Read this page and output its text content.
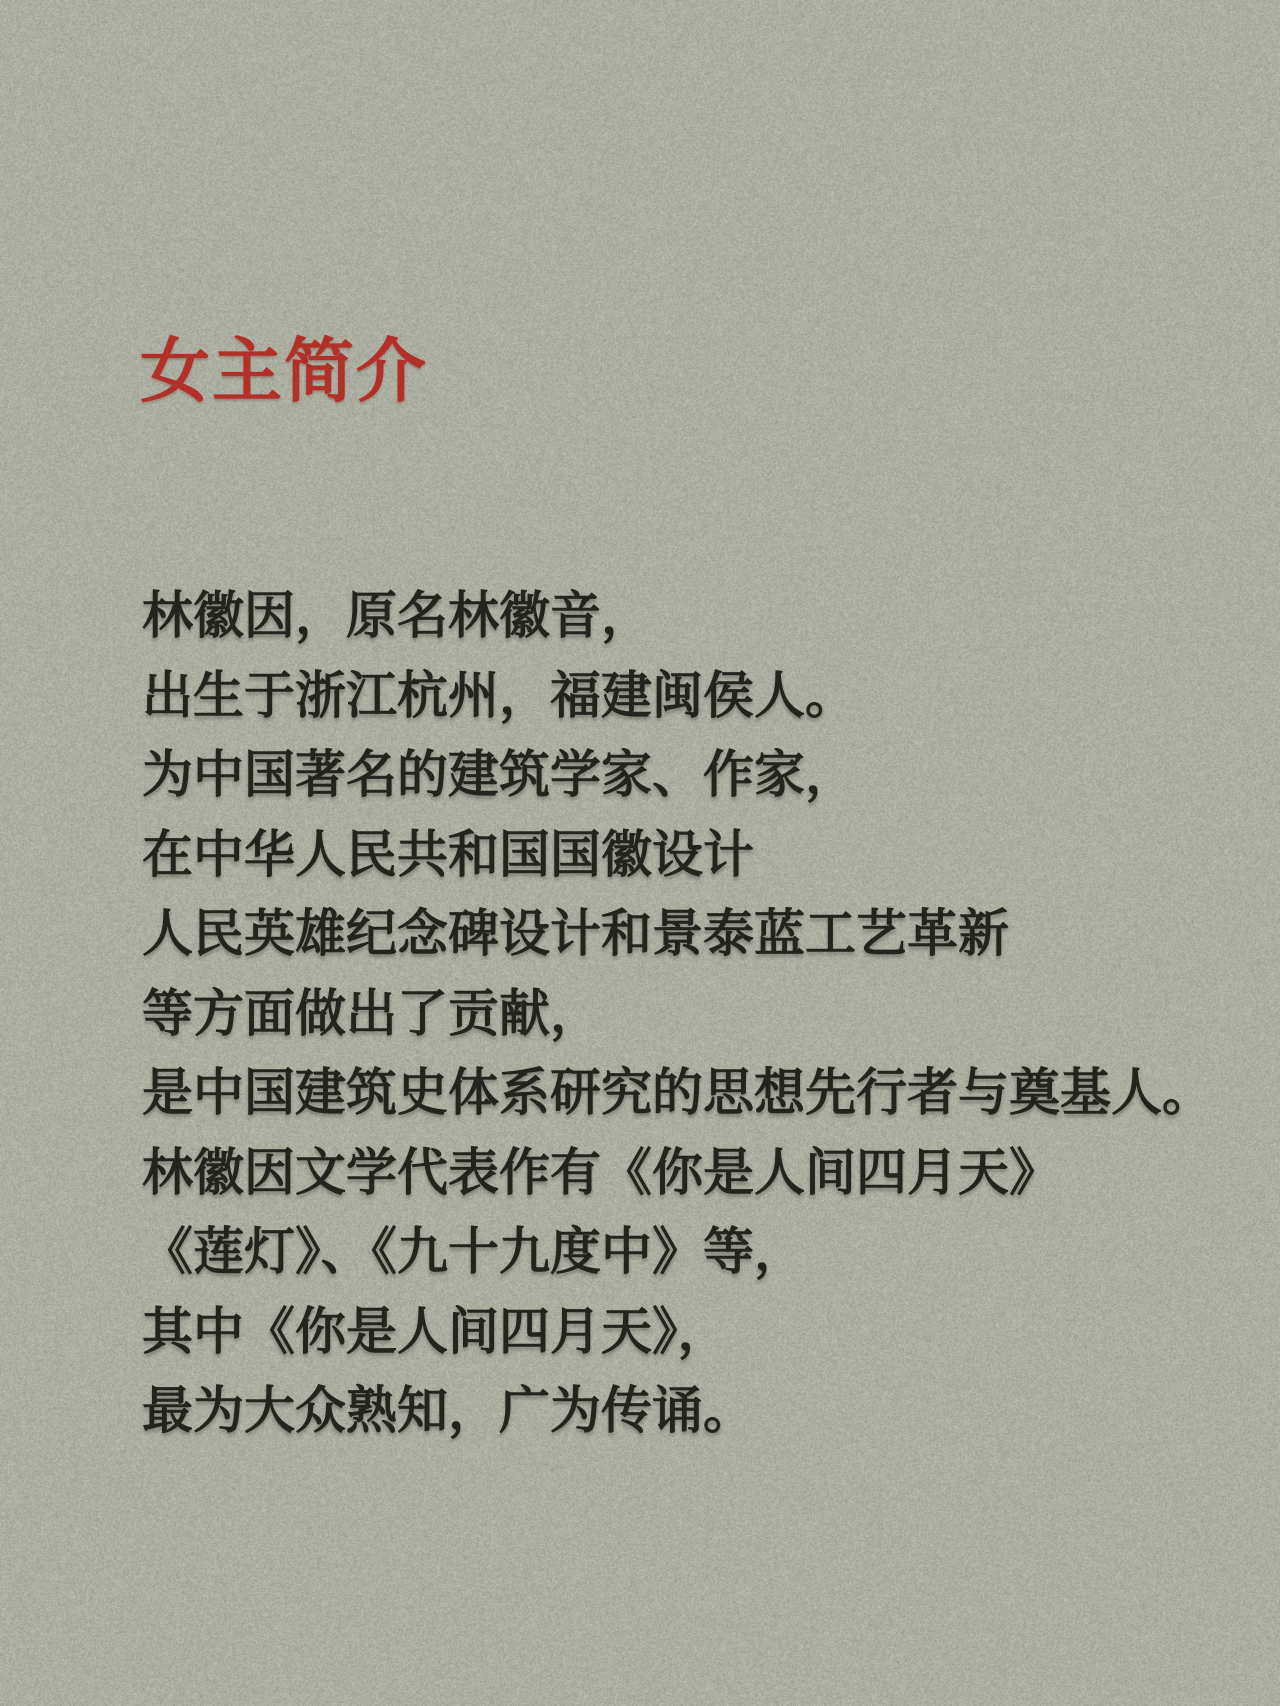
女主简介
林徽因，原名林徽音，
出生于浙江杭州，福建闽侯人。
为中国著名的建筑学家、作家，
在中华人民共和国国徽设计
人民英雄纪念碑设计和景泰蓝工艺革新
等方面做出了贡献，
是中国建筑史体系研究的思想先行者与奠基人。
林徽因文学代表作有《你是人间四月天》
《莲灯》、《九十九度中》等，
其中《你是人间四月天》，
最为大众熟知，广为传诵。
